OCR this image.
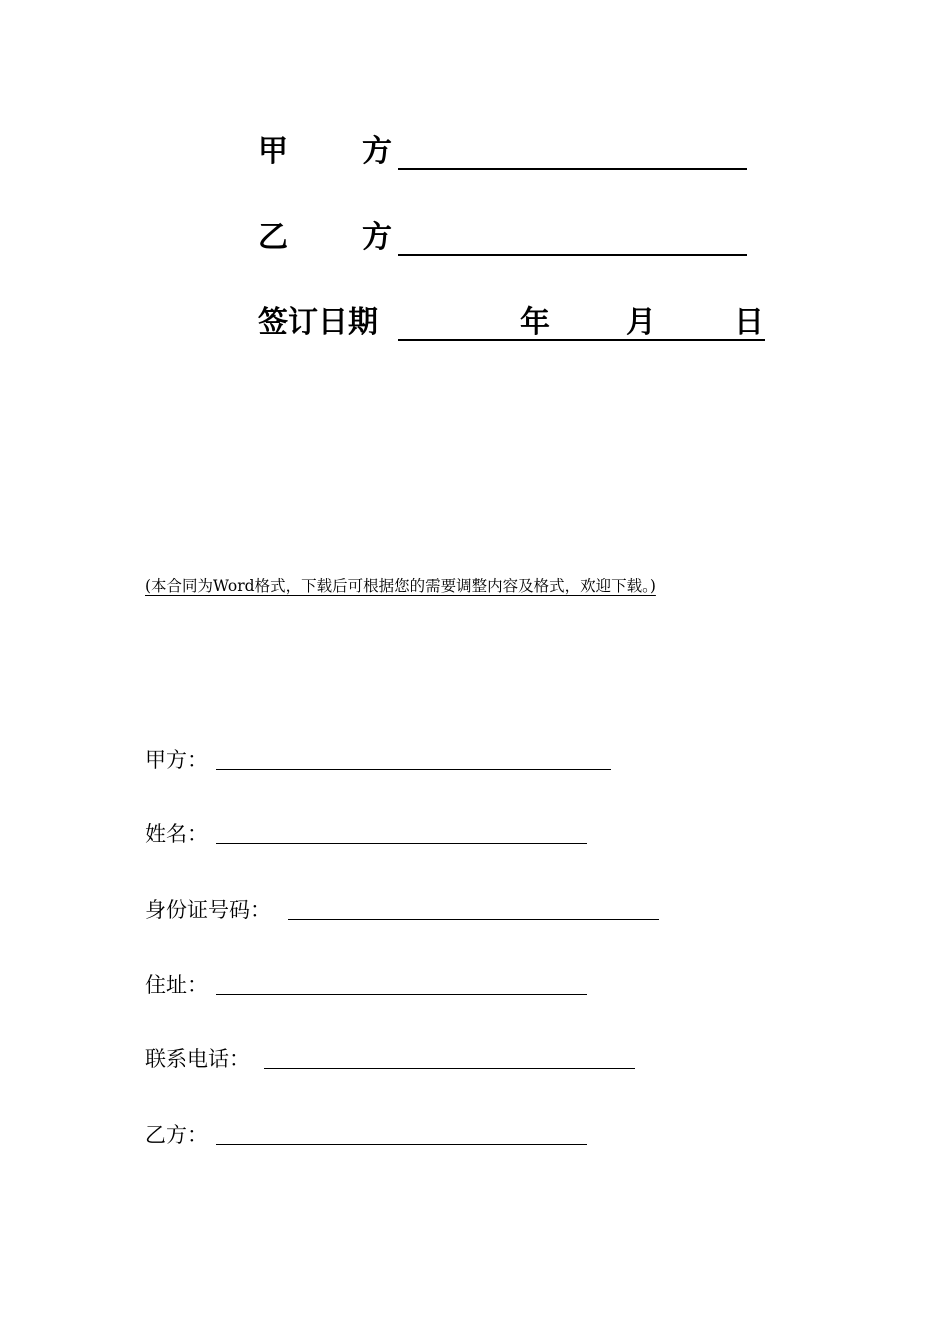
甲 方
乙 方
签订日期	年	月	日
(本合同为Word格式，下载后可根据您的需要调整内容及格式，欢迎下载。)
甲方：
姓名：
身份证号码：
住址：
联系电话：
乙方：
